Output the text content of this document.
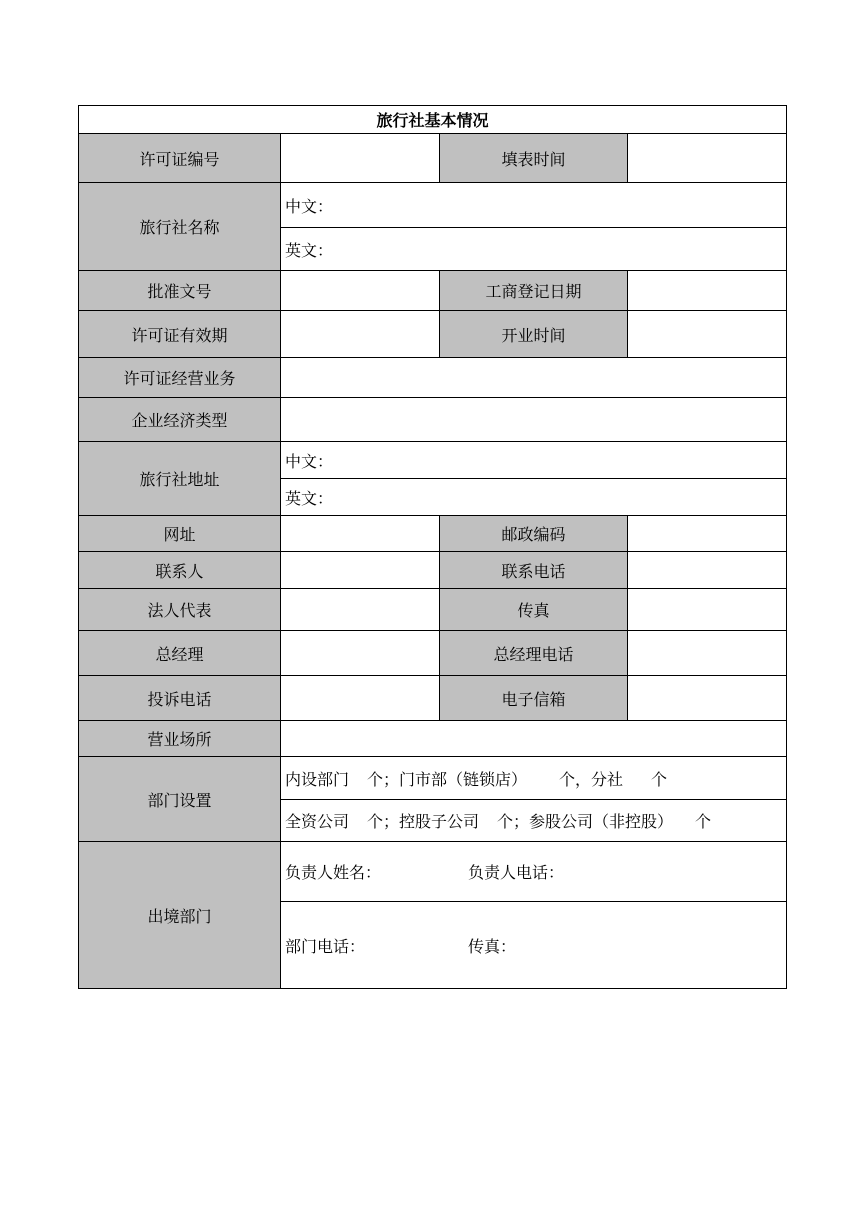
旅行社基本情况			
许可证编号		填表时间	
旅行社名称	中文：		
	英文：		
批准文号		工商登记日期	
许可证有效期		开业时间	
许可证经营业务			
企业经济类型			
旅行社地址	中文：		
	英文：		
网址		邮政编码	
联系人		联系电话	
法人代表		传真	
总经理		总经理电话	
投诉电话		电子信箱	
营业场所			
部门设置	内设部门 个；门市部（链锁店） 个，分社 个		
	全资公司 个；控股子公司 个；参股公司（非控股） 个		
出境部门	负责人姓名： 负责人电话：		
	部门电话： 传真：		
